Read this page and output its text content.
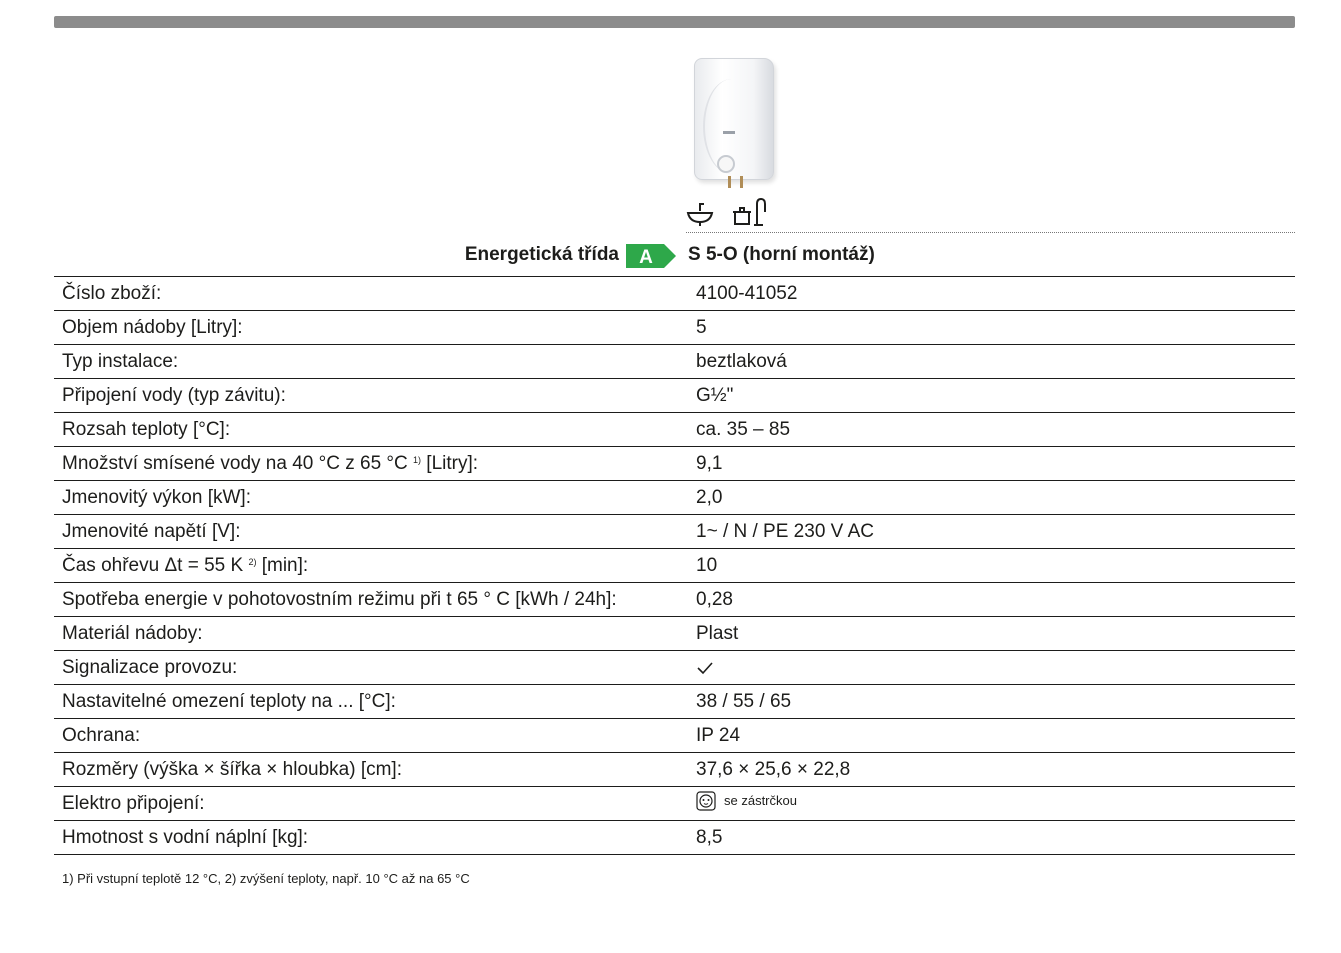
Energetická třída A S 5-O (horní montáž)
Číslo zboží:	4100-41052
Objem nádoby [Litry]:	5
Typ instalace:	beztlaková
Připojení vody (typ závitu):	G½"
Rozsah teploty [°C]:	ca. 35 – 85
Množství smísené vody na 40 °C z 65 °C $^{1)}$ [Litry]:	9,1
Jmenovitý výkon [kW]:	2,0
Jmenovité napětí [V]:	1~ / N / PE 230 V AC
Čas ohřevu Δt = 55 K $^{2)}$ [min]:	10
Spotřeba energie v pohotovostním režimu při t 65 ° C [kWh / 24h]:	0,28
Materiál nádoby:	Plast
Signalizace provozu:	

Nastavitelné omezení teploty na ... [°C]:	38 / 55 / 65
Ochrana:	IP 24
Rozměry (výška × šířka × hloubka) [cm]:	37,6 × 25,6 × 22,8
Elektro připojení:	se zástrčkou

Hmotnost s vodní náplní [kg]:	8,5
1) Při vstupní teplotě 12 °C, 2) zvýšení teploty, např. 10 °C až na 65 °C
